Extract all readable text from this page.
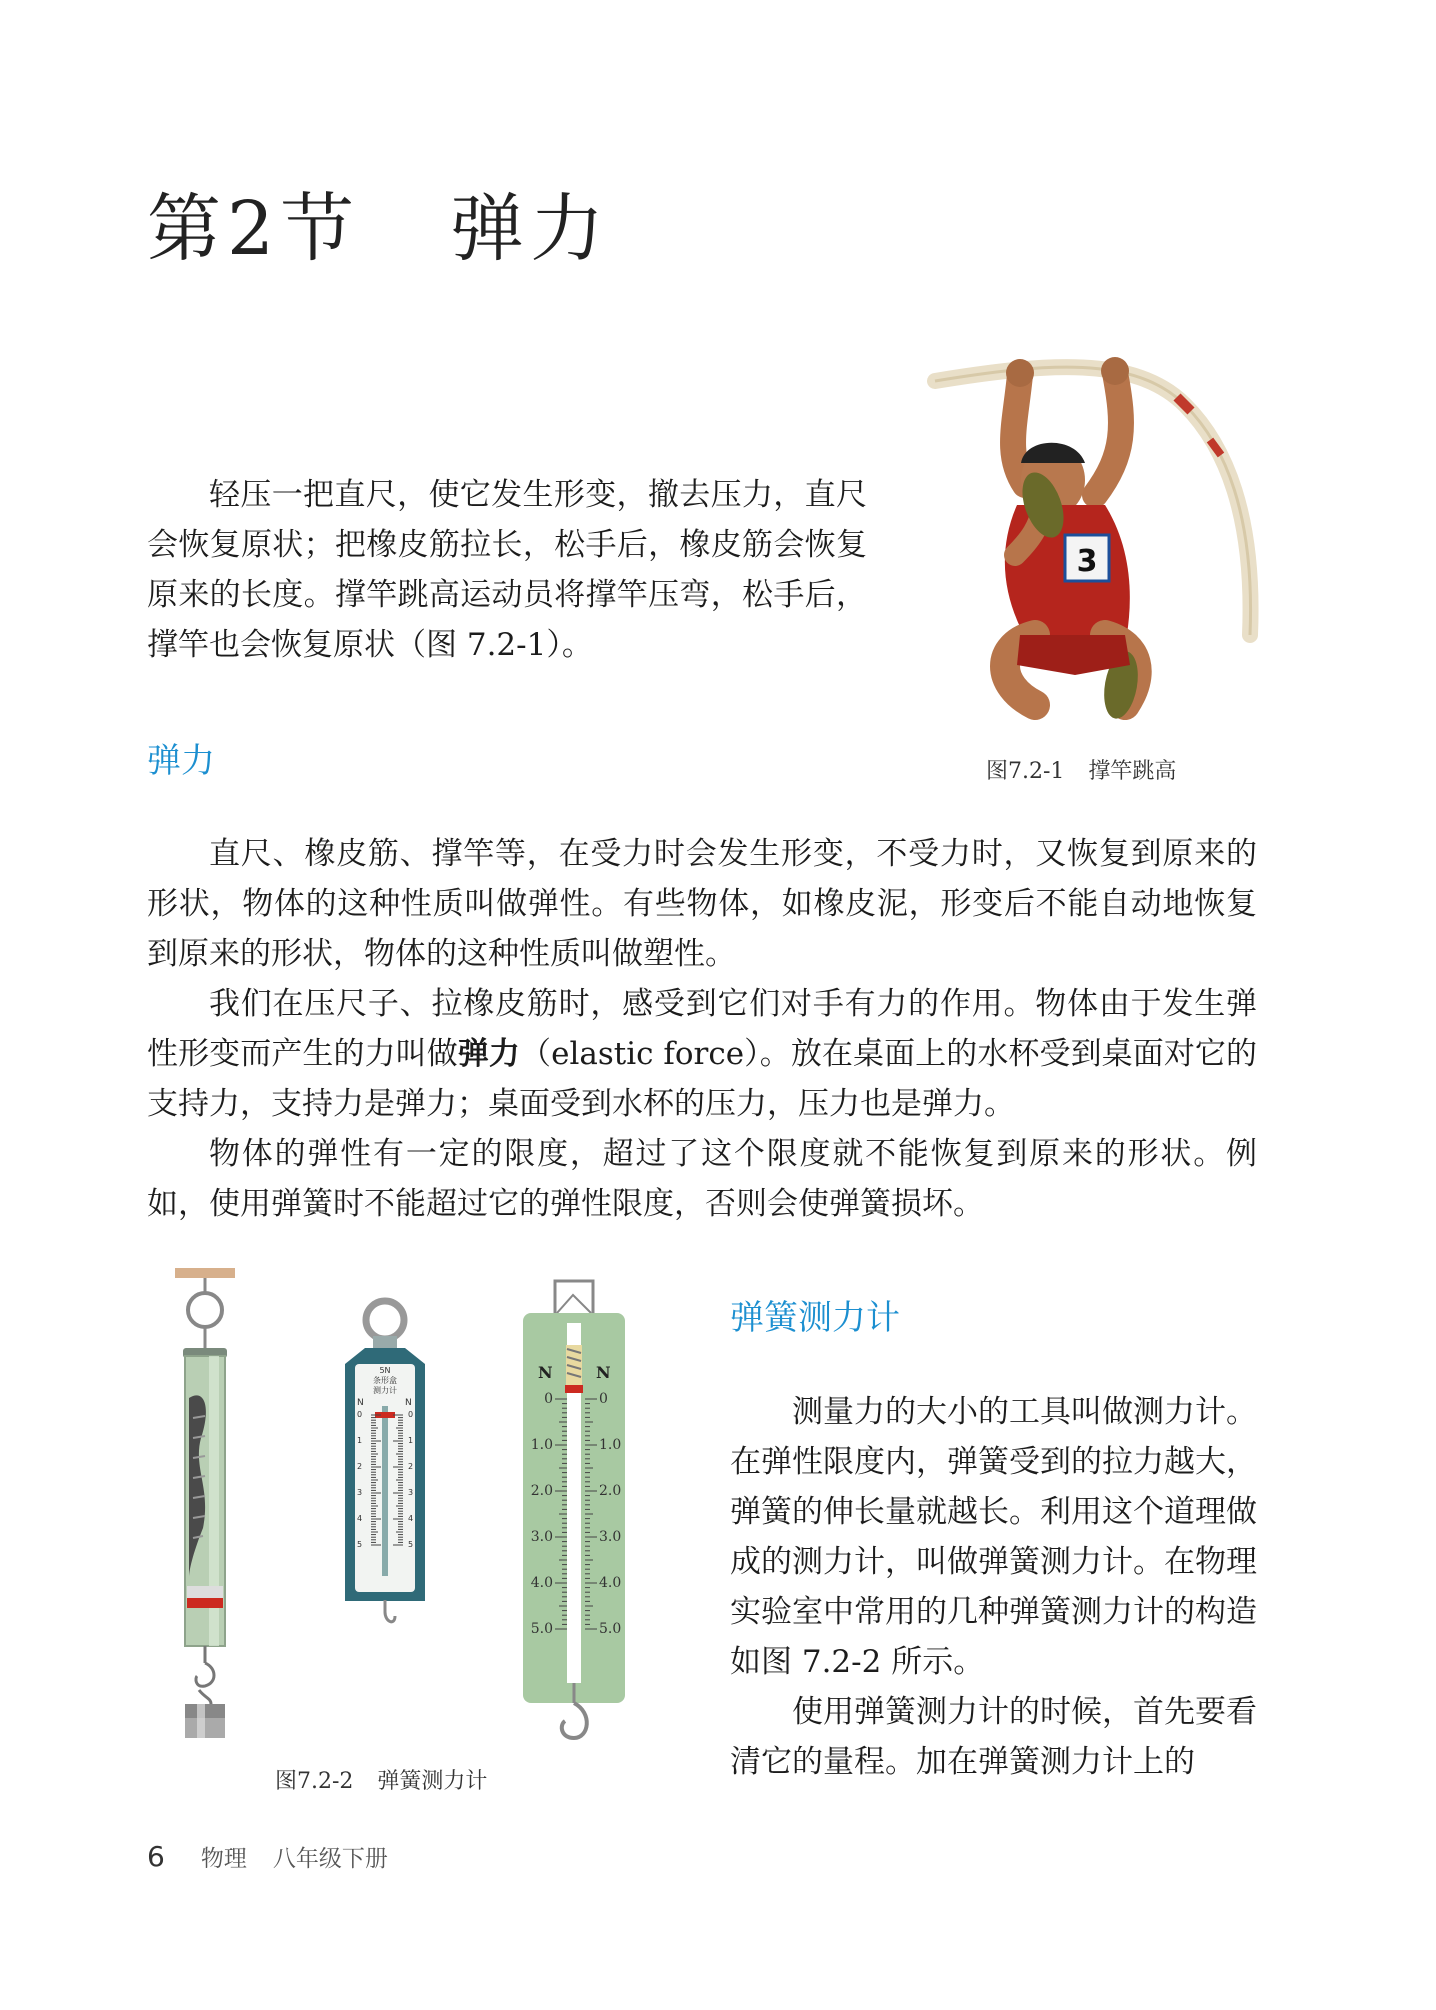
第2节 弹力

轻压一把直尺，使它发生形变，撤去压力，直尺会恢复原状；把橡皮筋拉长，松手后，橡皮筋会恢复原来的长度。撑竿跳高运动员将撑竿压弯，松手后，撑竿也会恢复原状（图 7.2-1）。

3
图7.2-1 撑竿跳高
弹力

直尺、橡皮筋、撑竿等，在受力时会发生形变，不受力时，又恢复到原来的形状，物体的这种性质叫做弹性。有些物体，如橡皮泥，形变后不能自动地恢复到原来的形状，物体的这种性质叫做塑性。

我们在压尺子、拉橡皮筋时，感受到它们对手有力的作用。物体由于发生弹性形变而产生的力叫做弹力（elastic force）。放在桌面上的水杯受到桌面对它的支持力，支持力是弹力；桌面受到水杯的压力，压力也是弹力。

物体的弹性有一定的限度，超过了这个限度就不能恢复到原来的形状。例如，使用弹簧时不能超过它的弹性限度，否则会使弹簧损坏。

5N
条形盒
测力计
N	N
0
1
2
3
4
5
0
1
2
3
4
5
N	N
0	0
1.0	1.0
2.0	2.0
3.0	3.0
4.0	4.0
5.0	5.0
图7.2-2 弹簧测力计
弹簧测力计

测量力的大小的工具叫做测力计。在弹性限度内，弹簧受到的拉力越大，弹簧的伸长量就越长。利用这个道理做成的测力计，叫做弹簧测力计。在物理实验室中常用的几种弹簧测力计的构造如图 7.2-2 所示。

使用弹簧测力计的时候，首先要看清它的量程。加在弹簧测力计上的

6 物理 八年级下册
